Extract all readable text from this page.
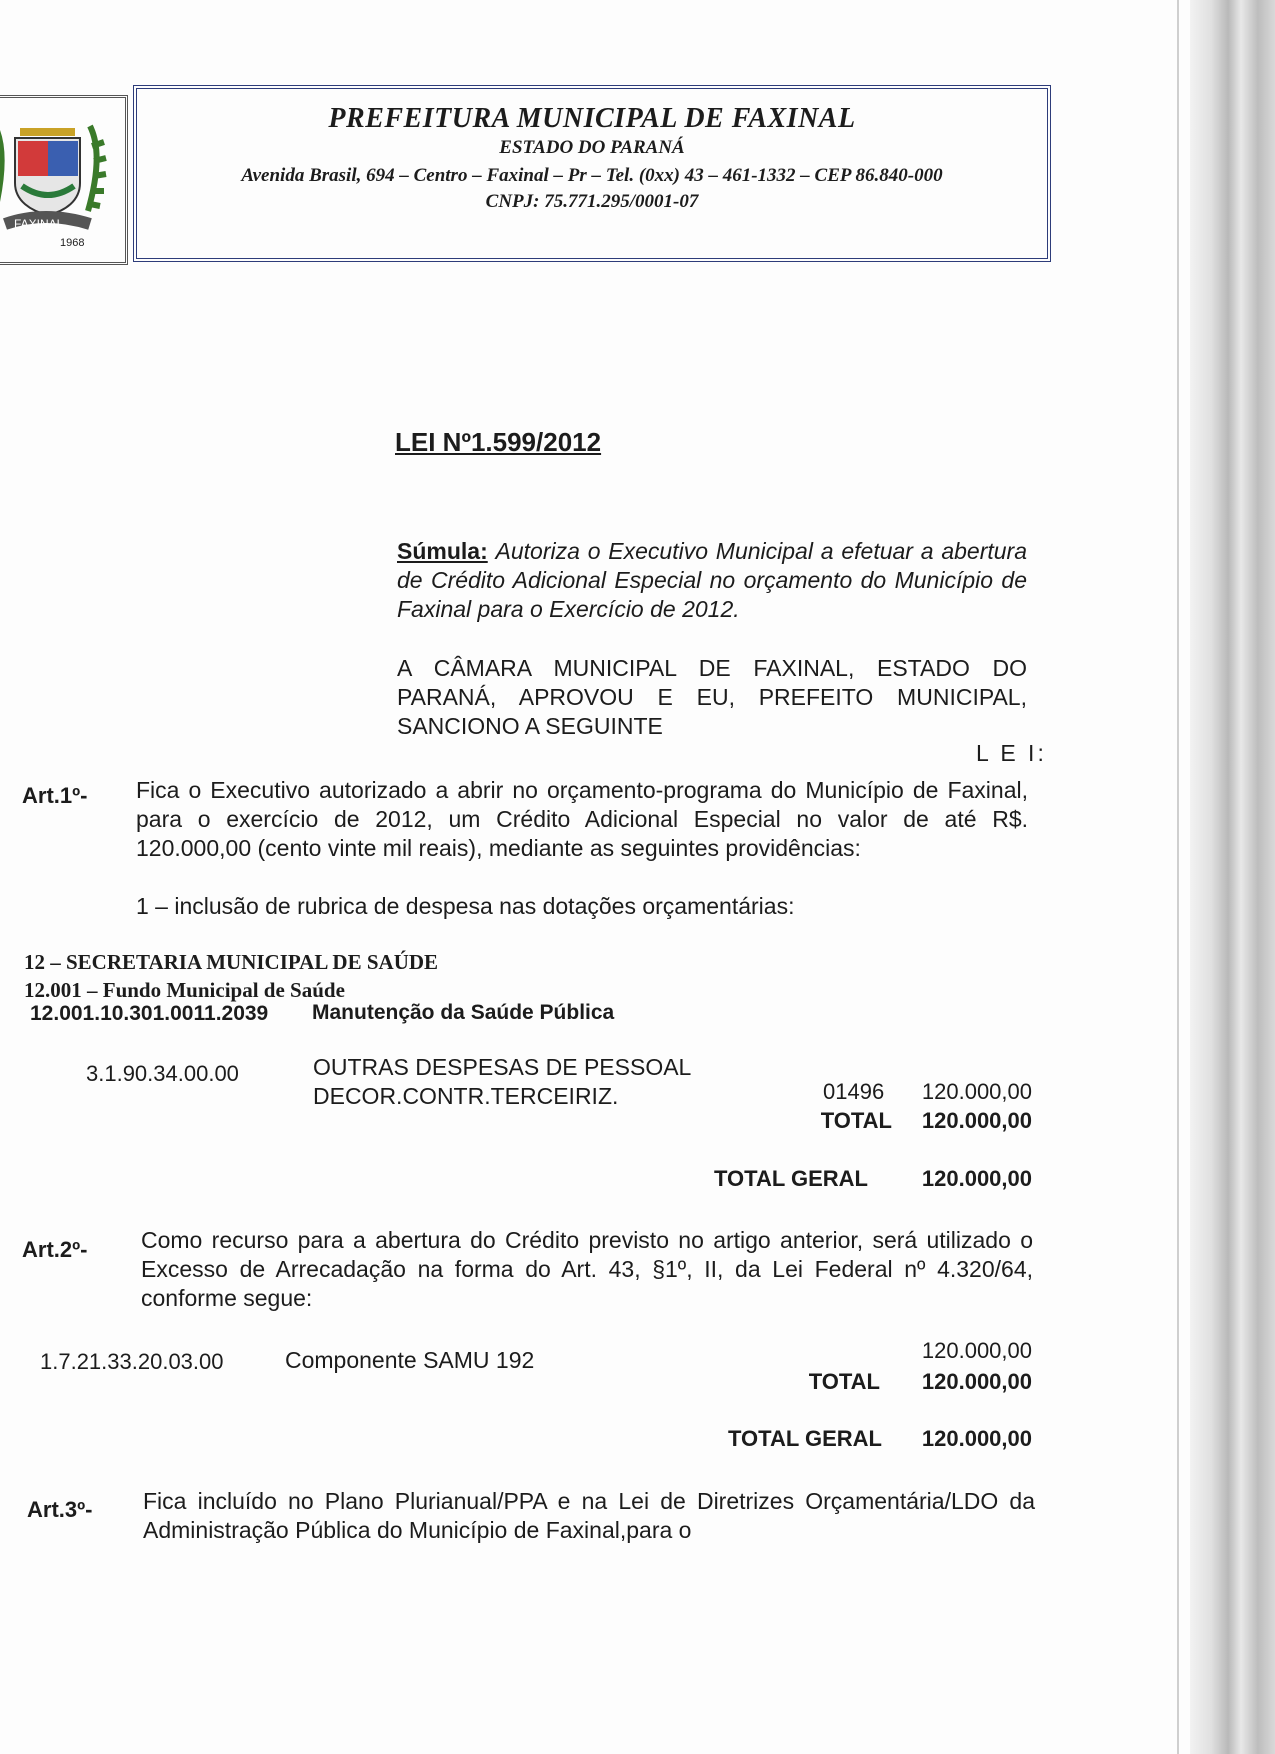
FAXINAL
1968
PREFEITURA MUNICIPAL DE FAXINAL
ESTADO DO PARANÁ
Avenida Brasil, 694 – Centro – Faxinal – Pr – Tel. (0xx) 43 – 461-1332 – CEP 86.840-000
CNPJ: 75.771.295/0001-07
LEI Nº1.599/2012
Súmula: Autoriza o Executivo Municipal a efetuar a abertura de Crédito Adicional Especial no orçamento do Município de Faxinal para o Exercício de 2012.
A CÂMARA MUNICIPAL DE FAXINAL, ESTADO DO PARANÁ, APROVOU E EU, PREFEITO MUNICIPAL, SANCIONO A SEGUINTE
L E I:
Art.1º- Fica o Executivo autorizado a abrir no orçamento-programa do Município de Faxinal, para o exercício de 2012, um Crédito Adicional Especial no valor de até R$. 120.000,00 (cento vinte mil reais), mediante as seguintes providências:
1 – inclusão de rubrica de despesa nas dotações orçamentárias:
12 – SECRETARIA MUNICIPAL DE SAÚDE
12.001 – Fundo Municipal de Saúde
12.001.10.301.0011.2039 Manutenção da Saúde Pública
3.1.90.34.00.00	OUTRAS DESPESAS DE PESSOAL
DECOR.CONTR.TERCEIRIZ.	01496	120.000,00
TOTAL	120.000,00
TOTAL GERAL	120.000,00
Art.2º- Como recurso para a abertura do Crédito previsto no artigo anterior, será utilizado o Excesso de Arrecadação na forma do Art. 43, §1º, II, da Lei Federal nº 4.320/64, conforme segue:
1.7.21.33.20.03.00	Componente SAMU 192	120.000,00
TOTAL	120.000,00
TOTAL GERAL	120.000,00
Art.3º- Fica incluído no Plano Plurianual/PPA e na Lei de Diretrizes Orçamentária/LDO da Administração Pública do Município de Faxinal,para o
